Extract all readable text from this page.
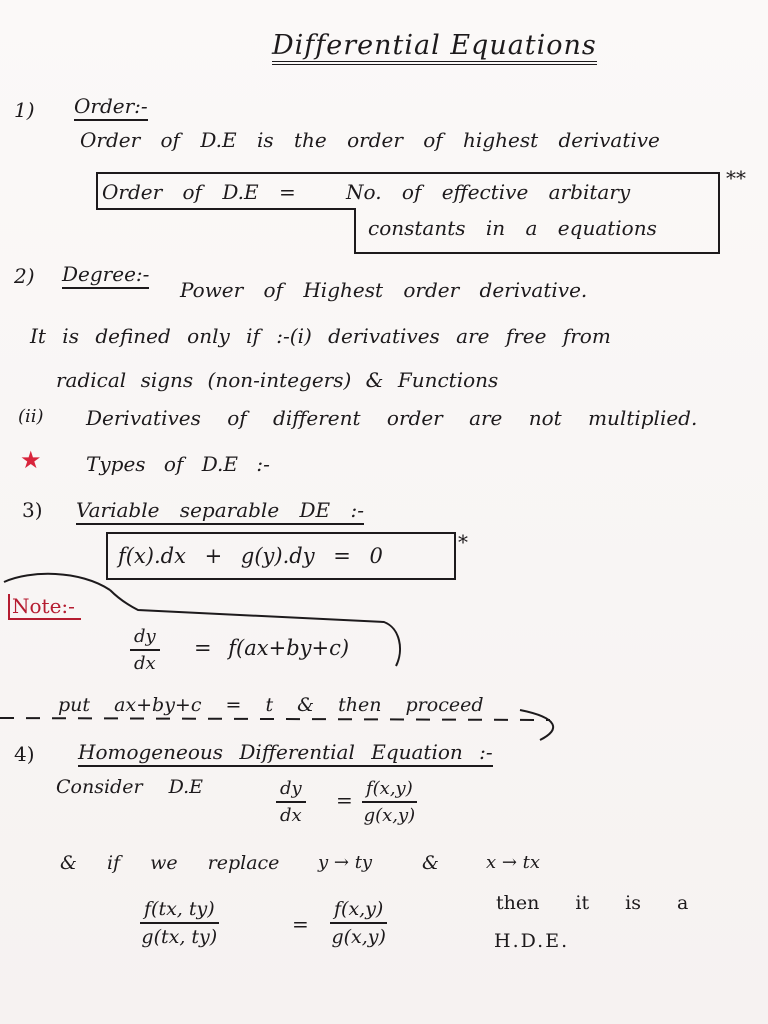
Differential Equations
1) Order:-
Order of D.E is the order of highest derivative
**
Order of D.E =	No. of effective arbitary
constants in a equations
2) Degree:-
Power of Highest order derivative.
It is defined only if :-(i) derivatives are free from
radical signs (non-integers) & Functions
(ii) Derivatives of different order are not multiplied.
★ Types of D.E :-
3) Variable separable DE :-
f(x).dx + g(y).dy = 0
*
Note:-
$\frac{dy}{dx} = f(ax+by+c)$
put ax+by+c = t & then proceed
4) Homogeneous Differential Equation :-
Consider D.E	$\frac{dy}{dx} = \frac{f(x,y)}{g(x,y)}$
& if we replace y → ty	&	x → tx
$\frac{f(tx, ty)}{g(tx, ty)}$	= $\frac{f(x,y)}{g(x,y)}$	then it is a
H.D.E.
